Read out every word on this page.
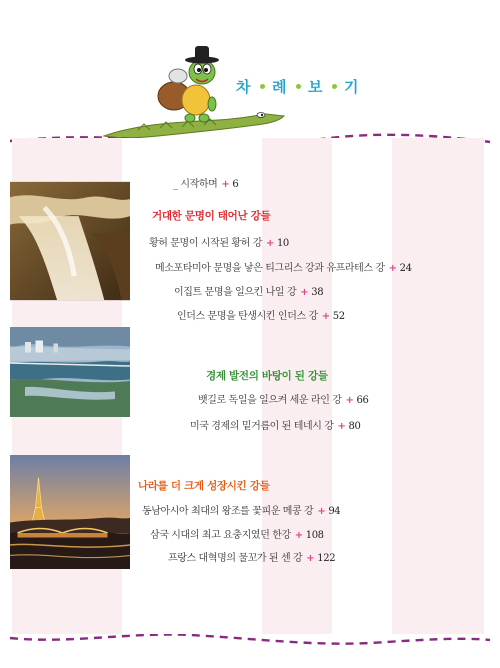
차 례 보 기
_ 시작하며 + 6
거대한 문명이 태어난 강들
황허 문명이 시작된 황허 강 + 10
메소포타미아 문명을 낳은 티그리스 강과 유프라테스 강 + 24
이집트 문명을 일으킨 나일 강 + 38
인더스 문명을 탄생시킨 인더스 강 + 52
경제 발전의 바탕이 된 강들
뱃길로 독일을 일으켜 세운 라인 강 + 66
미국 경제의 밑거름이 된 테네시 강 + 80
나라를 더 크게 성장시킨 강들
동남아시아 최대의 왕조를 꽃피운 메콩 강 + 94
삼국 시대의 최고 요충지였던 한강 + 108
프랑스 대혁명의 물꼬가 된 센 강 + 122
